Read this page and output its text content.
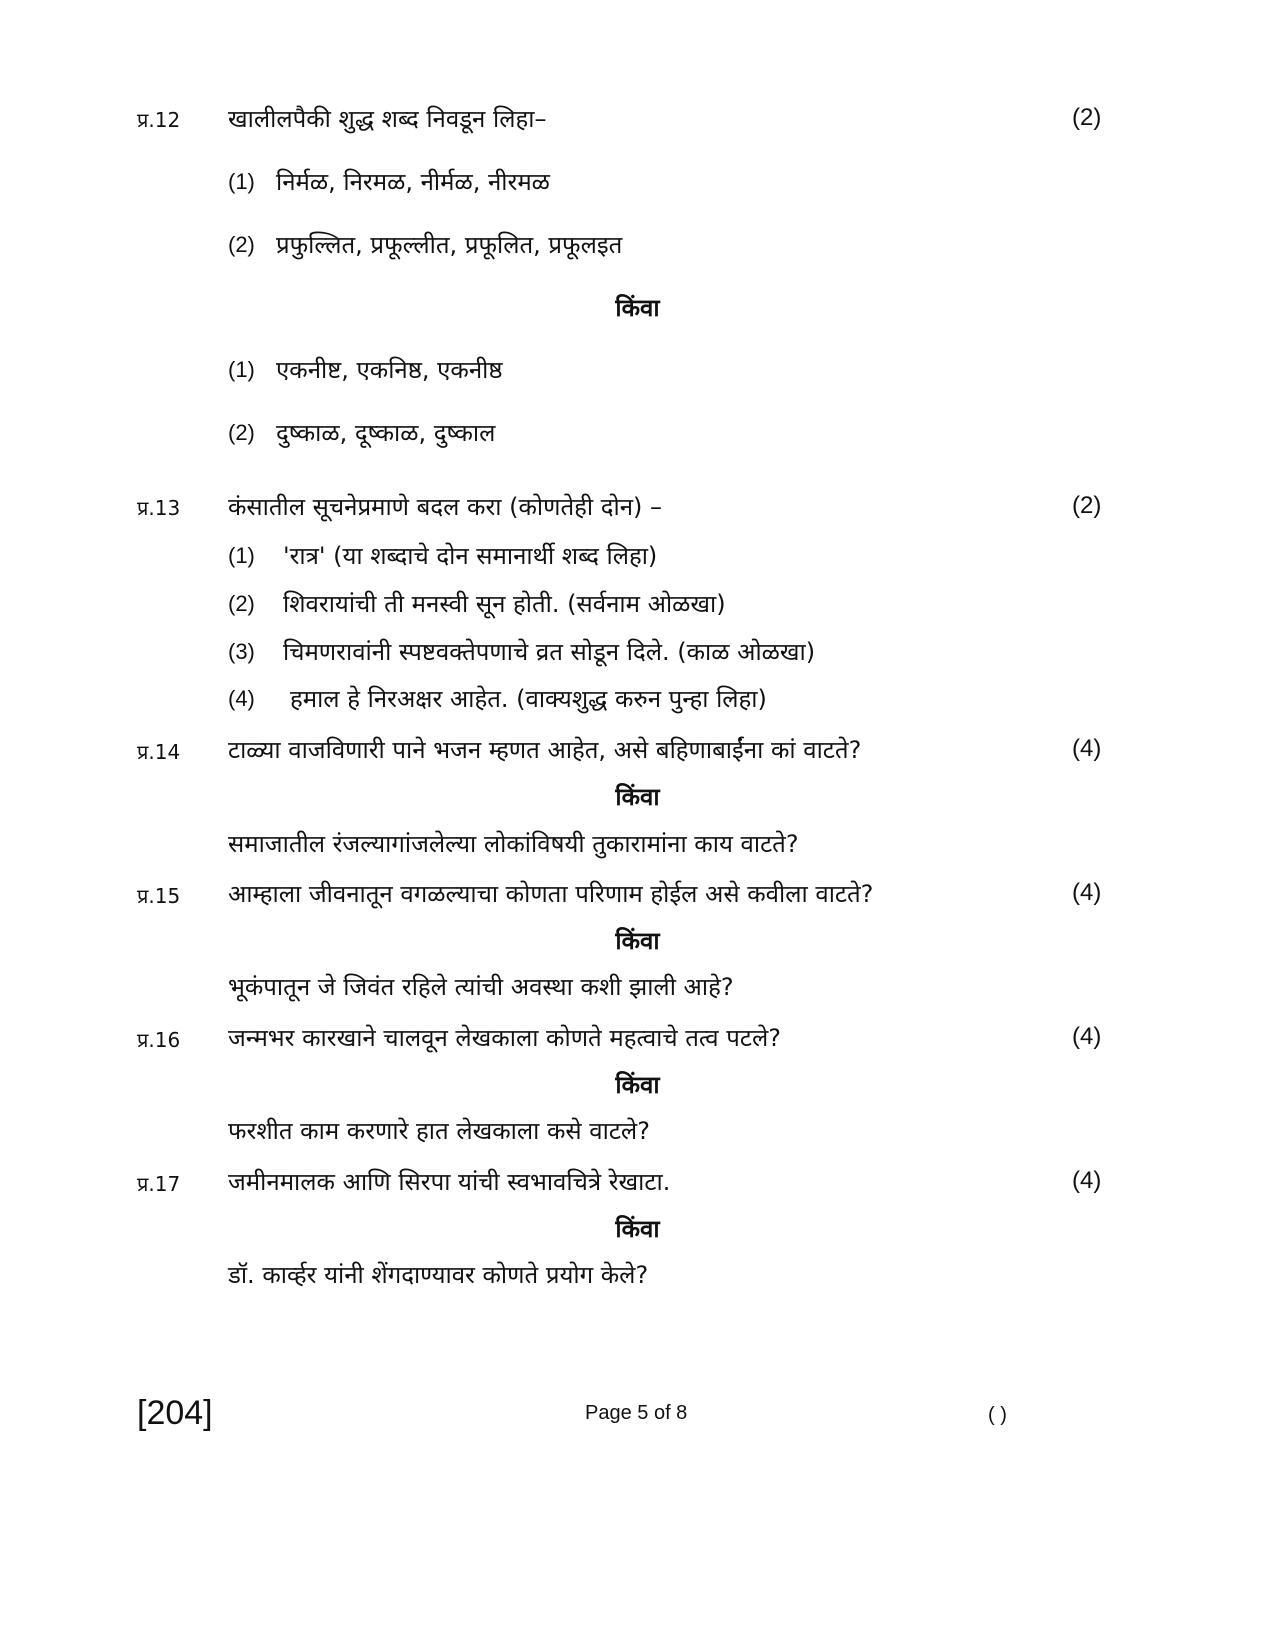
प्र.12 खालीलपैकी शुद्ध शब्द निवडून लिहा–	(2)
(1) निर्मळ, निरमळ, नीर्मळ, नीरमळ
(2) प्रफुल्लित, प्रफूल्लीत, प्रफूलित, प्रफूलइत
किंवा
(1) एकनीष्ट, एकनिष्ठ, एकनीष्ठ
(2) दुष्काळ, दूष्काळ, दुष्काल
प्र.13 कंसातील सूचनेप्रमाणे बदल करा (कोणतेही दोन) –	(2)
(1) 'रात्र' (या शब्दाचे दोन समानार्थी शब्द लिहा)
(2) शिवरायांची ती मनस्वी सून होती. (सर्वनाम ओळखा)
(3) चिमणरावांनी स्पष्टवक्तेपणाचे व्रत सोडून दिले. (काळ ओळखा)
(4) हमाल हे निरअक्षर आहेत. (वाक्यशुद्ध करुन पुन्हा लिहा)
प्र.14 टाळ्या वाजविणारी पाने भजन म्हणत आहेत, असे बहिणाबाईंना कां वाटते?	(4)
किंवा
समाजातील रंजल्यागांजलेल्या लोकांविषयी तुकारामांना काय वाटते?
प्र.15 आम्हाला जीवनातून वगळल्याचा कोणता परिणाम होईल असे कवीला वाटते?	(4)
किंवा
भूकंपातून जे जिवंत रहिले त्यांची अवस्था कशी झाली आहे?
प्र.16 जन्मभर कारखाने चालवून लेखकाला कोणते महत्वाचे तत्व पटले?	(4)
किंवा
फरशीत काम करणारे हात लेखकाला कसे वाटले?
प्र.17 जमीनमालक आणि सिरपा यांची स्वभावचित्रे रेखाटा.	(4)
किंवा
डॉ. कार्व्हर यांनी शेंगदाण्यावर कोणते प्रयोग केले?
[204]	Page 5 of 8	( )
